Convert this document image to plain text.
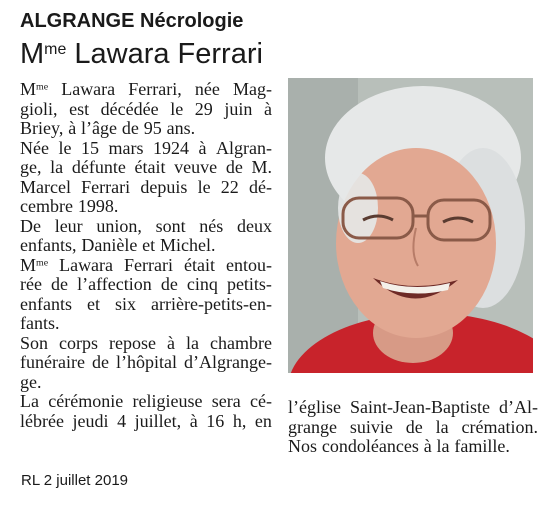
ALGRANGE Nécrologie
$M^{me}$ Lawara Ferrari
$M^{me}$ Lawara Ferrari, née Mag-
gioli, est décédée le 29 juin à
Briey, à l’âge de 95 ans.
Née le 15 mars 1924 à Algran-
ge, la défunte était veuve de M.
Marcel Ferrari depuis le 22 dé-
cembre 1998.
De leur union, sont nés deux
enfants, Danièle et Michel.
$M^{me}$ Lawara Ferrari était entou-
rée de l’affection de cinq petits-
enfants et six arrière-petits-en-
fants.
Son corps repose à la chambre
funéraire de l’hôpital d’Algrange-
ge.
La cérémonie religieuse sera cé-
lébrée jeudi 4 juillet, à 16 h, en
l’église Saint-Jean-Baptiste d’Al-
grange suivie de la crémation.
Nos condoléances à la famille.
RL 2 juillet 2019
